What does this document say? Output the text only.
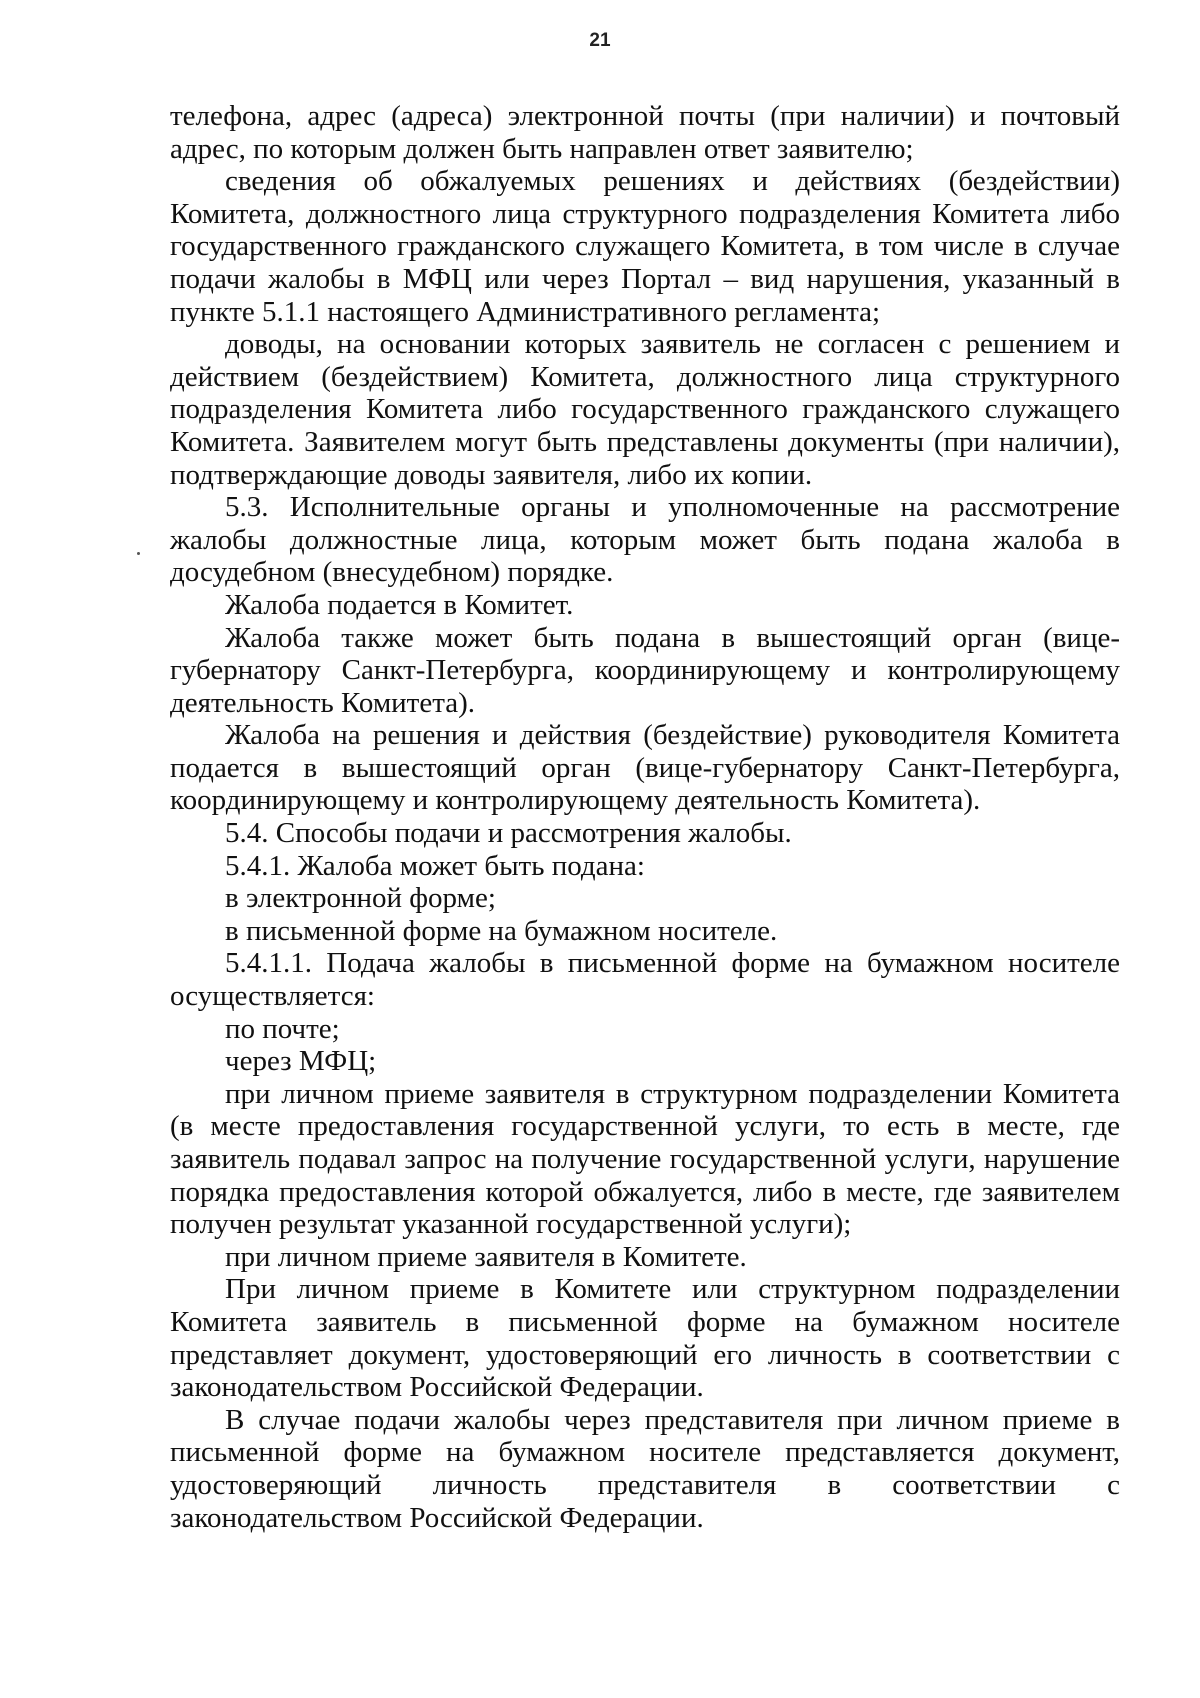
21

телефона, адрес (адреса) электронной почты (при наличии) и почтовый адрес, по которым должен быть направлен ответ заявителю;

сведения об обжалуемых решениях и действиях (бездействии) Комитета, должностного лица структурного подразделения Комитета либо государственного гражданского служащего Комитета, в том числе в случае подачи жалобы в МФЦ или через Портал – вид нарушения, указанный в пункте 5.1.1 настоящего Административного регламента;

доводы, на основании которых заявитель не согласен с решением и действием (бездействием) Комитета, должностного лица структурного подразделения Комитета либо государственного гражданского служащего Комитета. Заявителем могут быть представлены документы (при наличии), подтверждающие доводы заявителя, либо их копии.

5.3. Исполнительные органы и уполномоченные на рассмотрение жалобы должностные лица, которым может быть подана жалоба в досудебном (внесудебном) порядке.

Жалоба подается в Комитет.

Жалоба также может быть подана в вышестоящий орган (вице-губернатору Санкт-Петербурга, координирующему и контролирующему деятельность Комитета).

Жалоба на решения и действия (бездействие) руководителя Комитета подается в вышестоящий орган (вице-губернатору Санкт-Петербурга, координирующему и контролирующему деятельность Комитета).

5.4. Способы подачи и рассмотрения жалобы.

5.4.1. Жалоба может быть подана:

в электронной форме;

в письменной форме на бумажном носителе.

5.4.1.1. Подача жалобы в письменной форме на бумажном носителе осуществляется:

по почте;

через МФЦ;

при личном приеме заявителя в структурном подразделении Комитета (в месте предоставления государственной услуги, то есть в месте, где заявитель подавал запрос на получение государственной услуги, нарушение порядка предоставления которой обжалуется, либо в месте, где заявителем получен результат указанной государственной услуги);

при личном приеме заявителя в Комитете.

При личном приеме в Комитете или структурном подразделении Комитета заявитель в письменной форме на бумажном носителе представляет документ, удостоверяющий его личность в соответствии с законодательством Российской Федерации.

В случае подачи жалобы через представителя при личном приеме в письменной форме на бумажном носителе представляется документ, удостоверяющий личность представителя в соответствии с законодательством Российской Федерации.
